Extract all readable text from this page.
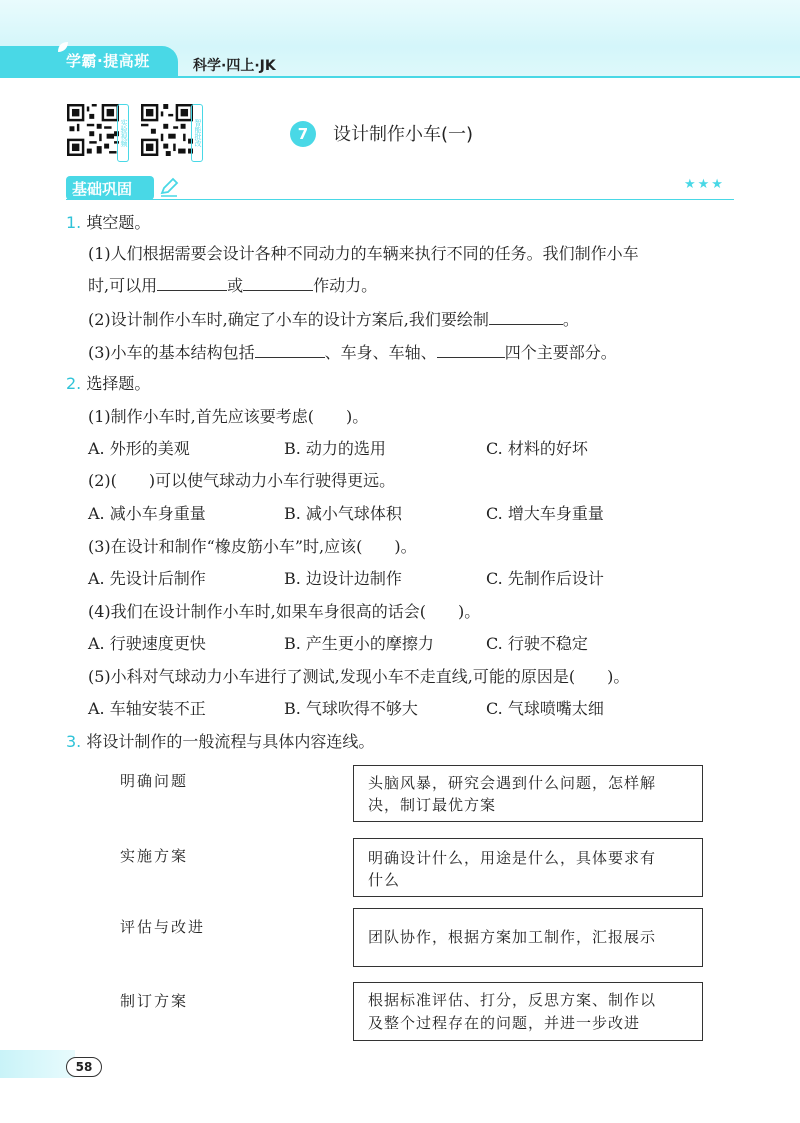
学霸·提高班	科学·四上·JK
实验视频	智能批改	7	设计制作小车(一)
基础巩固	★★★
1. 填空题。
(1)人们根据需要会设计各种不同动力的车辆来执行不同的任务。我们制作小车
时,可以用	或	作动力。
(2)设计制作小车时,确定了小车的设计方案后,我们要绘制	。
(3)小车的基本结构包括	、车身、车轴、	四个主要部分。
2. 选择题。
(1)制作小车时,首先应该要考虑(　　)。
A. 外形的美观	B. 动力的选用	C. 材料的好坏
(2)(　　)可以使气球动力小车行驶得更远。
A. 减小车身重量	B. 减小气球体积	C. 增大车身重量
(3)在设计和制作“橡皮筋小车”时,应该(　　)。
A. 先设计后制作	B. 边设计边制作	C. 先制作后设计
(4)我们在设计制作小车时,如果车身很高的话会(　　)。
A. 行驶速度更快	B. 产生更小的摩擦力	C. 行驶不稳定
(5)小科对气球动力小车进行了测试,发现小车不走直线,可能的原因是(　　)。
A. 车轴安装不正	B. 气球吹得不够大	C. 气球喷嘴太细
3. 将设计制作的一般流程与具体内容连线。
明确问题
实施方案
评估与改进
制订方案
头脑风暴，研究会遇到什么问题，怎样解
决，制订最优方案
明确设计什么，用途是什么，具体要求有
什么
团队协作，根据方案加工制作，汇报展示
根据标准评估、打分，反思方案、制作以
及整个过程存在的问题，并进一步改进
58
